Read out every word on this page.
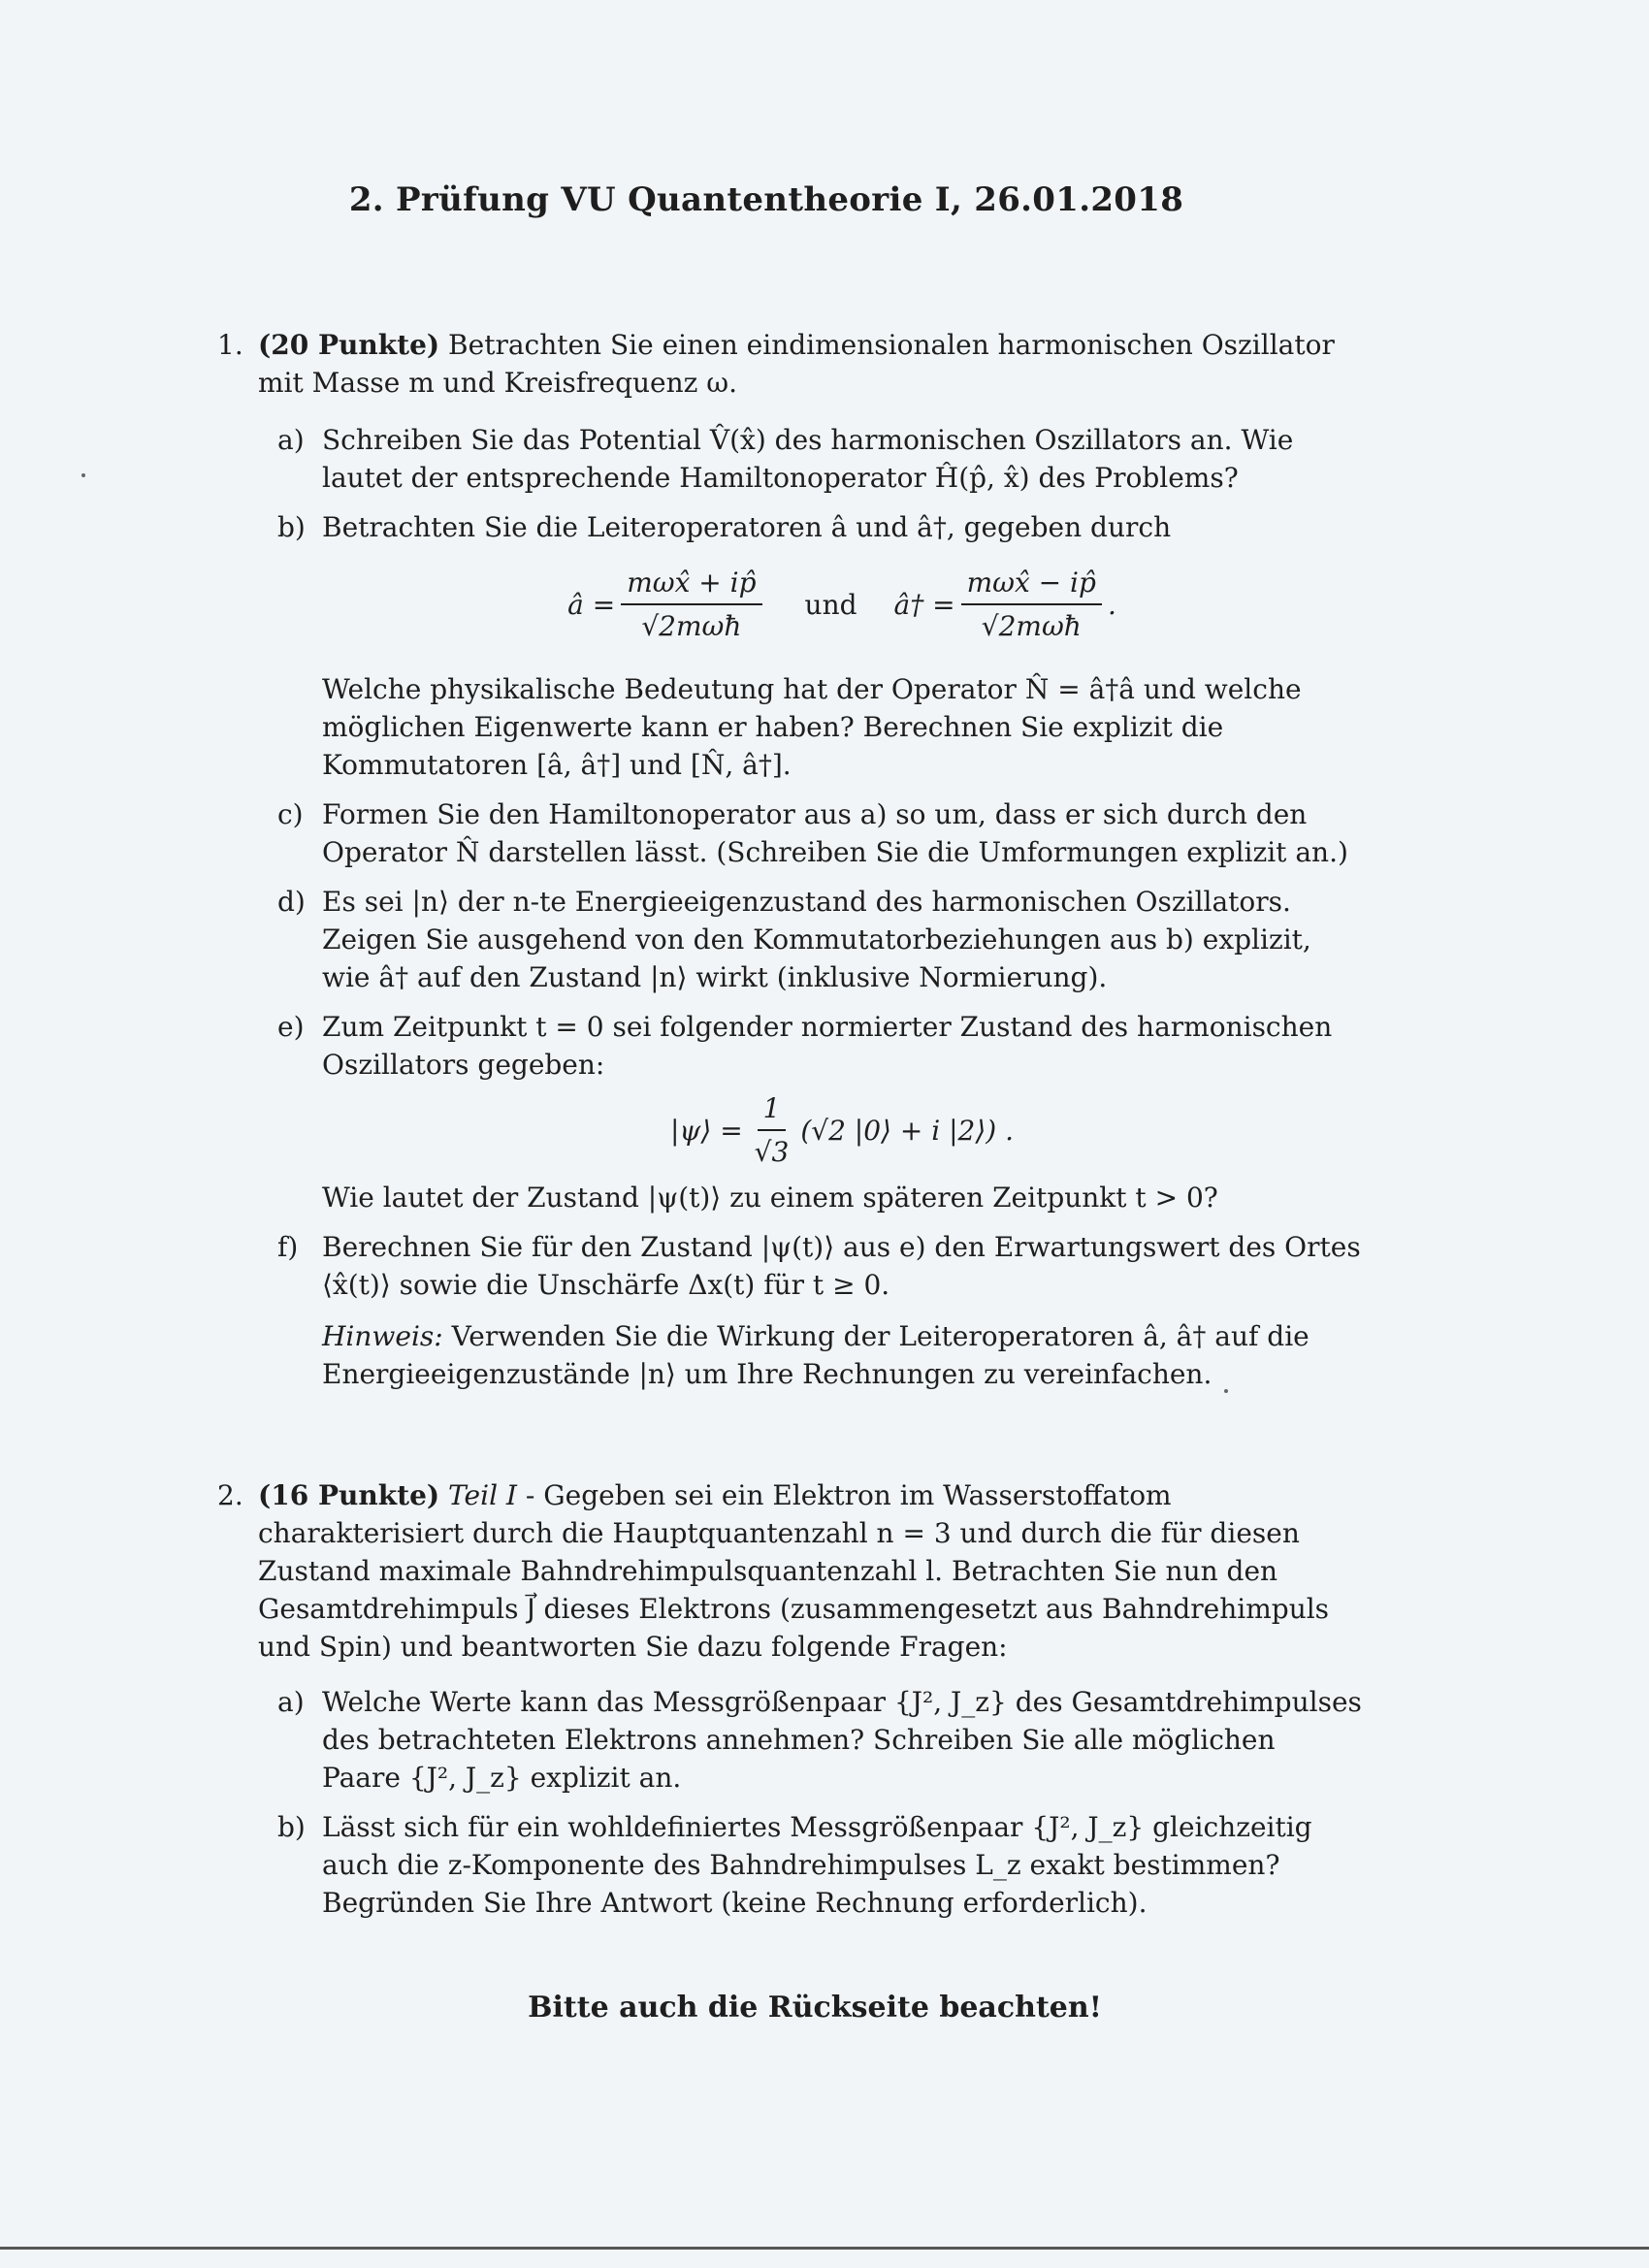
2. Prüfung VU Quantentheorie I, 26.01.2018
1. (20 Punkte) Betrachten Sie einen eindimensionalen harmonischen Oszillator mit Masse m und Kreisfrequenz ω.

a) Schreiben Sie das Potential V̂(x̂) des harmonischen Oszillators an. Wie lautet der entsprechende Hamiltonoperator Ĥ(p̂, x̂) des Problems?
b) Betrachten Sie die Leiteroperatoren â und â†, gegeben durch
â = $\frac{\text{mωx̂ + ip̂}}{\text{√2mωħ}}$ und â† = $\frac{\text{mωx̂ − ip̂}}{\text{√2mωħ}}$ .
Welche physikalische Bedeutung hat der Operator N̂ = â†â und welche möglichen Eigenwerte kann er haben? Berechnen Sie explizit die Kommutatoren [â, â†] und [N̂, â†].
c) Formen Sie den Hamiltonoperator aus a) so um, dass er sich durch den Operator N̂ darstellen lässt. (Schreiben Sie die Umformungen explizit an.)
d) Es sei |n⟩ der n-te Energieeigenzustand des harmonischen Oszillators. Zeigen Sie ausgehend von den Kommutatorbeziehungen aus b) explizit, wie â† auf den Zustand |n⟩ wirkt (inklusive Normierung).
e) Zum Zeitpunkt t = 0 sei folgender normierter Zustand des harmonischen Oszillators gegeben:
|ψ⟩ = $\frac{1}{√3} (√2$ |0⟩ + i |2⟩) .
Wie lautet der Zustand |ψ(t)⟩ zu einem späteren Zeitpunkt t > 0?
f) Berechnen Sie für den Zustand |ψ(t)⟩ aus e) den Erwartungswert des Ortes ⟨x̂(t)⟩ sowie die Unschärfe Δx(t) für t ≥ 0.
Hinweis: Verwenden Sie die Wirkung der Leiteroperatoren â, â† auf die Energieeigenzustände |n⟩ um Ihre Rechnungen zu vereinfachen.
2. (16 Punkte) Teil I - Gegeben sei ein Elektron im Wasserstoffatom charakterisiert durch die Hauptquantenzahl n = 3 und durch die für diesen Zustand maximale Bahndrehimpulsquantenzahl l. Betrachten Sie nun den Gesamtdrehimpuls J⃗ dieses Elektrons (zusammengesetzt aus Bahndrehimpuls und Spin) und beantworten Sie dazu folgende Fragen:

a) Welche Werte kann das Messgrößenpaar {J², J_z} des Gesamtdrehimpulses des betrachteten Elektrons annehmen? Schreiben Sie alle möglichen Paare {J², J_z} explizit an.
b) Lässt sich für ein wohldefiniertes Messgrößenpaar {J², J_z} gleichzeitig auch die z-Komponente des Bahndrehimpulses L_z exakt bestimmen? Begründen Sie Ihre Antwort (keine Rechnung erforderlich).
Bitte auch die Rückseite beachten!
